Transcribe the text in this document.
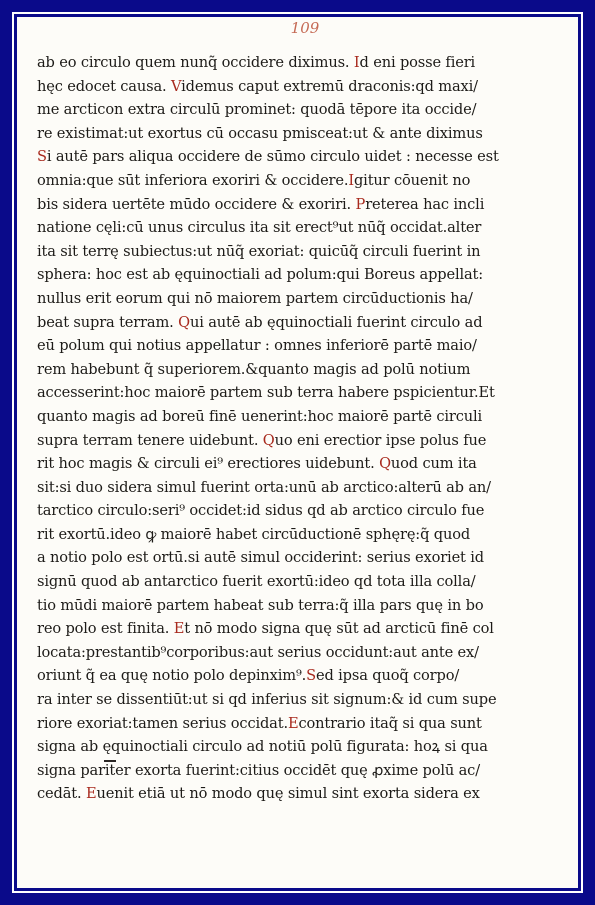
109
ab eo circulo quem nunq̃ occidere diximus. Id eni posse fieri
hęc edocet causa. Videmus caput extremū draconis:qd maxi/
me arcticon extra circulū prominet: quodā tēpore ita occide/
re existimat:ut exortus cū occasu pmisceat:ut & ante diximus
Si autē pars aliqua occidere de sūmo circulo uidet : necesse est
omnia:que sūt inferiora exoriri & occidere.Igitur cōuenit no
bis sidera uertēte mūdo occidere & exoriri. Preterea hac incli
natione cęli:cū unus circulus ita sit erect⁹ut nūq̃ occidat.alter
ita sit terrę subiectus:ut nūq̃ exoriat: quicūq̃ circuli fuerint in
sphera: hoc est ab ęquinoctiali ad polum:qui Boreus appellat:
nullus erit eorum qui nō maiorem partem circūductionis ha/
beat supra terram. Qui autē ab ęquinoctiali fuerint circulo ad
eū polum qui notius appellatur : omnes inferiorē partē maio/
rem habebunt q̃ superiorem.&quanto magis ad polū notium
accesserint:hoc maiorē partem sub terra habere pspicientur.Et
quanto magis ad boreū finē uenerint:hoc maiorē partē circuli
supra terram tenere uidebunt. Quo eni erectior ipse polus fue
rit hoc magis & circuli ei⁹ erectiores uidebunt. Quod cum ita
sit:si duo sidera simul fuerint orta:unū ab arctico:alterū ab an/
tarctico circulo:seri⁹ occidet:id sidus qd ab arctico circulo fue
rit exortū.ideo ꝙ maiorē habet circūductionē sphęrę:q̃ quod
a notio polo est ortū.si autē simul occiderint: serius exoriet id
signū quod ab antarctico fuerit exortū:ideo qd tota illa colla/
tio mūdi maiorē partem habeat sub terra:q̃ illa pars quę in bo
reo polo est finita. Et nō modo signa quę sūt ad arcticū finē col
locata:prestantib⁹corporibus:aut serius occidunt:aut ante ex/
oriunt q̃ ea quę notio polo depinxim⁹.Sed ipsa quoq̃ corpo/
ra inter se dissentiūt:ut si qd inferius sit signum:& id cum supe
riore exoriat:tamen serius occidat.Econtrario itaq̃ si qua sunt
signa ab ęquinoctiali circulo ad notiū polū figurata: hoꝝ si qua
signa pariter exorta fuerint:citius occidēt quę ꝓxime polū ac/
cedāt. Euenit etiā ut nō modo quę simul sint exorta sidera ex
